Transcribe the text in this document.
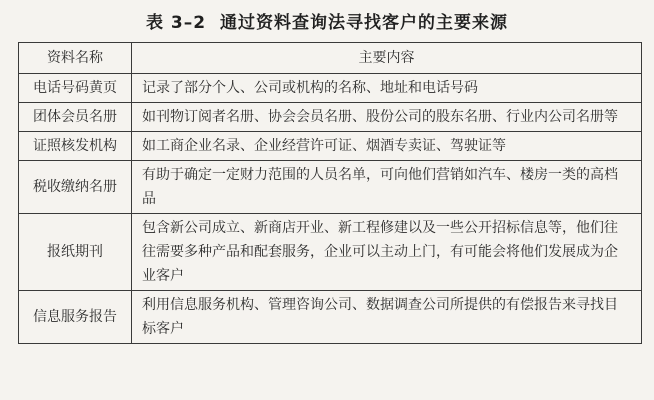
表 3–2 通过资料查询法寻找客户的主要来源
资料名称	主要内容
电话号码黄页	记录了部分个人、公司或机构的名称、地址和电话号码
团体会员名册	如刊物订阅者名册、协会会员名册、股份公司的股东名册、行业内公司名册等
证照核发机构	如工商企业名录、企业经营许可证、烟酒专卖证、驾驶证等
税收缴纳名册	有助于确定一定财力范围的人员名单，可向他们营销如汽车、楼房一类的高档品
报纸期刊	包含新公司成立、新商店开业、新工程修建以及一些公开招标信息等，他们往往需要多种产品和配套服务，企业可以主动上门，有可能会将他们发展成为企业客户
信息服务报告	利用信息服务机构、管理咨询公司、数据调查公司所提供的有偿报告来寻找目标客户
